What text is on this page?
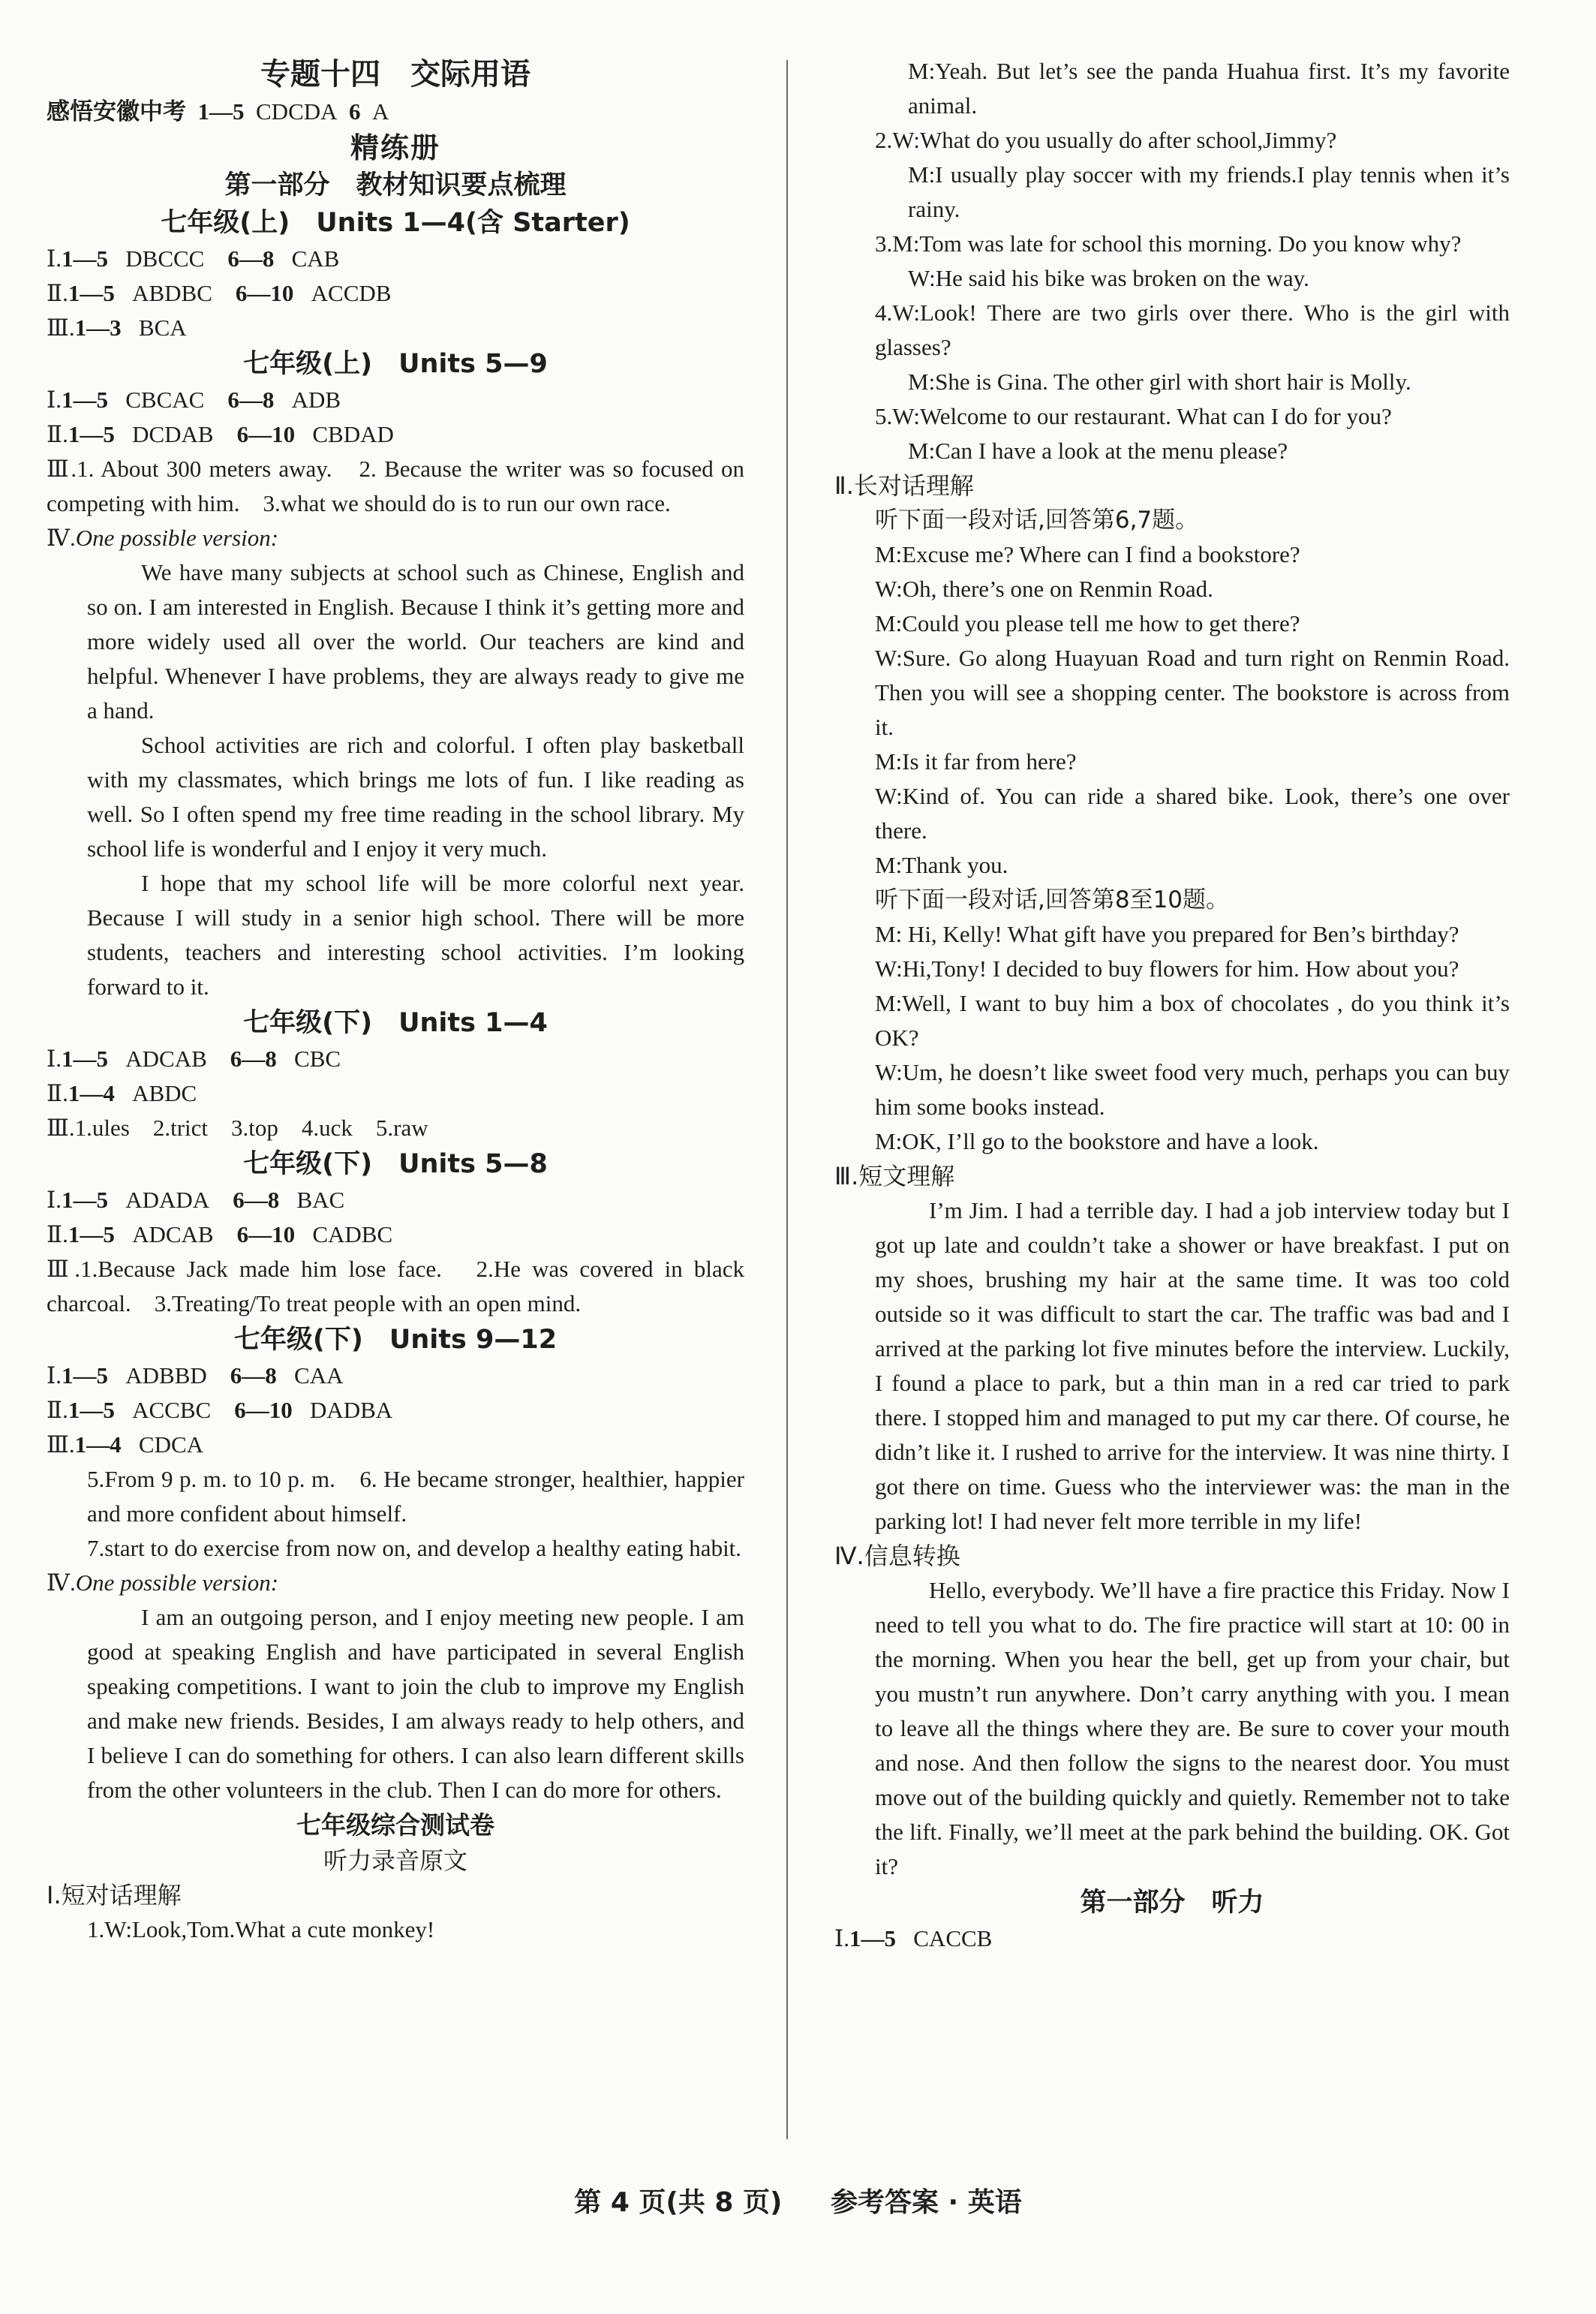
专题十四　交际用语

感悟安徽中考 1—5 CDCDA 6 A

精练册

第一部分　教材知识要点梳理

七年级(上)　Units 1—4(含 Starter)

Ⅰ.1—5 DBCCC 6—8 CAB

Ⅱ.1—5 ABDBC 6—10 ACCDB

Ⅲ.1—3 BCA

七年级(上)　Units 5—9

Ⅰ.1—5 CBCAC 6—8 ADB

Ⅱ.1—5 DCDAB 6—10 CBDAD

Ⅲ.1. About 300 meters away.　2. Because the writer was so focused on competing with him.　3.what we should do is to run our own race.

Ⅳ.One possible version:

We have many subjects at school such as Chinese, English and so on. I am interested in English. Because I think it’s getting more and more widely used all over the world. Our teachers are kind and helpful. Whenever I have problems, they are always ready to give me a hand.

School activities are rich and colorful. I often play basketball with my classmates, which brings me lots of fun. I like reading as well. So I often spend my free time reading in the school library. My school life is wonderful and I enjoy it very much.

I hope that my school life will be more colorful next year. Because I will study in a senior high school. There will be more students, teachers and interesting school activities. I’m looking forward to it.

七年级(下)　Units 1—4

Ⅰ.1—5 ADCAB 6—8 CBC

Ⅱ.1—4 ABDC

Ⅲ.1.ules　2.trict　3.top　4.uck　5.raw

七年级(下)　Units 5—8

Ⅰ.1—5 ADADA 6—8 BAC

Ⅱ.1—5 ADCAB 6—10 CADBC

Ⅲ.1.Because Jack made him lose face.　2.He was covered in black charcoal.　3.Treating/To treat people with an open mind.

七年级(下)　Units 9—12

Ⅰ.1—5 ADBBD 6—8 CAA

Ⅱ.1—5 ACCBC 6—10 DADBA

Ⅲ.1—4 CDCA

5.From 9 p. m. to 10 p. m.　6. He became stronger, healthier, happier and more confident about himself.

7.start to do exercise from now on, and develop a healthy eating habit.

Ⅳ.One possible version:

I am an outgoing person, and I enjoy meeting new people. I am good at speaking English and have participated in several English speaking competitions. I want to join the club to improve my English and make new friends. Besides, I am always ready to help others, and I believe I can do something for others. I can also learn different skills from the other volunteers in the club. Then I can do more for others.

七年级综合测试卷

听力录音原文

Ⅰ.短对话理解

1.W:Look,Tom.What a cute monkey!

M:Yeah. But let’s see the panda Huahua first. It’s my favorite animal.

2.W:What do you usually do after school,Jimmy?

M:I usually play soccer with my friends.I play tennis when it’s rainy.

3.M:Tom was late for school this morning. Do you know why?

W:He said his bike was broken on the way.

4.W:Look! There are two girls over there. Who is the girl with glasses?

M:She is Gina. The other girl with short hair is Molly.

5.W:Welcome to our restaurant. What can I do for you?

M:Can I have a look at the menu please?

Ⅱ.长对话理解

听下面一段对话,回答第6,7题。

M:Excuse me? Where can I find a bookstore?

W:Oh, there’s one on Renmin Road.

M:Could you please tell me how to get there?

W:Sure. Go along Huayuan Road and turn right on Renmin Road. Then you will see a shopping center. The bookstore is across from it.

M:Is it far from here?

W:Kind of. You can ride a shared bike. Look, there’s one over there.

M:Thank you.

听下面一段对话,回答第8至10题。

M: Hi, Kelly! What gift have you prepared for Ben’s birthday?

W:Hi,Tony! I decided to buy flowers for him. How about you?

M:Well, I want to buy him a box of chocolates , do you think it’s OK?

W:Um, he doesn’t like sweet food very much, perhaps you can buy him some books instead.

M:OK, I’ll go to the bookstore and have a look.

Ⅲ.短文理解

I’m Jim. I had a terrible day. I had a job interview today but I got up late and couldn’t take a shower or have breakfast. I put on my shoes, brushing my hair at the same time. It was too cold outside so it was difficult to start the car. The traffic was bad and I arrived at the parking lot five minutes before the interview. Luckily, I found a place to park, but a thin man in a red car tried to park there. I stopped him and managed to put my car there. Of course, he didn’t like it. I rushed to arrive for the interview. It was nine thirty. I got there on time. Guess who the interviewer was: the man in the parking lot! I had never felt more terrible in my life!

Ⅳ.信息转换

Hello, everybody. We’ll have a fire practice this Friday. Now I need to tell you what to do. The fire practice will start at 10: 00 in the morning. When you hear the bell, get up from your chair, but you mustn’t run anywhere. Don’t carry anything with you. I mean to leave all the things where they are. Be sure to cover your mouth and nose. And then follow the signs to the nearest door. You must move out of the building quickly and quietly. Remember not to take the lift. Finally, we’ll meet at the park behind the building. OK. Got it?

第一部分　听力

Ⅰ.1—5 CACCB

第 4 页(共 8 页) 参考答案 · 英语
